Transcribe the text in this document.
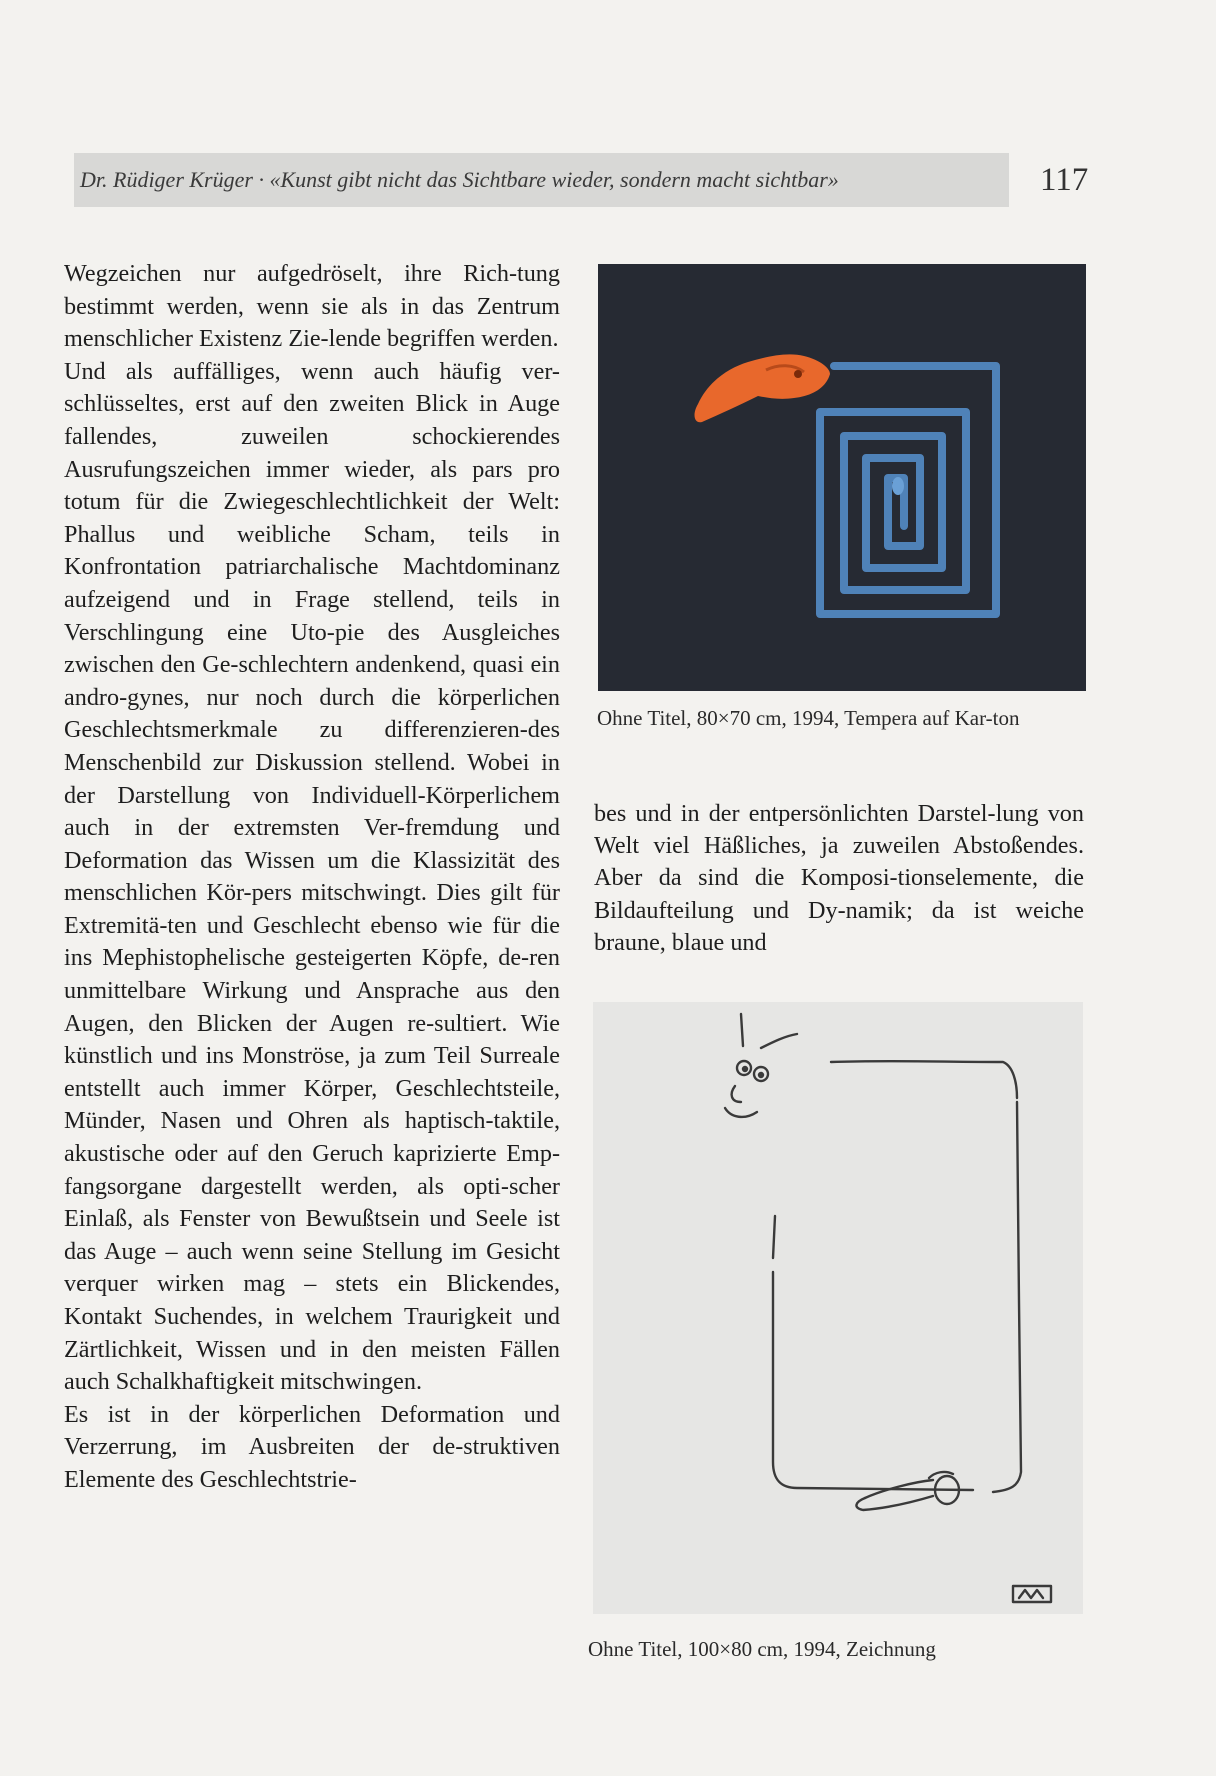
Dr. Rüdiger Krüger · «Kunst gibt nicht das Sichtbare wieder, sondern macht sichtbar»	117

Wegzeichen nur aufgedröselt, ihre Rich-tung bestimmt werden, wenn sie als in das Zentrum menschlicher Existenz Zie-lende begriffen werden.

Und als auffälliges, wenn auch häufig ver-schlüsseltes, erst auf den zweiten Blick in Auge fallendes, zuweilen schockierendes Ausrufungszeichen immer wieder, als pars pro totum für die Zwiegeschlechtlichkeit der Welt: Phallus und weibliche Scham, teils in Konfrontation patriarchalische Machtdominanz aufzeigend und in Frage stellend, teils in Verschlingung eine Uto-pie des Ausgleiches zwischen den Ge-schlechtern andenkend, quasi ein andro-gynes, nur noch durch die körperlichen Geschlechtsmerkmale zu differenzieren-des Menschenbild zur Diskussion stellend. Wobei in der Darstellung von Individuell-Körperlichem auch in der extremsten Ver-fremdung und Deformation das Wissen um die Klassizität des menschlichen Kör-pers mitschwingt. Dies gilt für Extremitä-ten und Geschlecht ebenso wie für die ins Mephistophelische gesteigerten Köpfe, de-ren unmittelbare Wirkung und Ansprache aus den Augen, den Blicken der Augen re-sultiert. Wie künstlich und ins Monströse, ja zum Teil Surreale entstellt auch immer Körper, Geschlechtsteile, Münder, Nasen und Ohren als haptisch-taktile, akustische oder auf den Geruch kaprizierte Emp-fangsorgane dargestellt werden, als opti-scher Einlaß, als Fenster von Bewußtsein und Seele ist das Auge – auch wenn seine Stellung im Gesicht verquer wirken mag – stets ein Blickendes, Kontakt Suchendes, in welchem Traurigkeit und Zärtlichkeit, Wissen und in den meisten Fällen auch Schalkhaftigkeit mitschwingen.

Es ist in der körperlichen Deformation und Verzerrung, im Ausbreiten der de-struktiven Elemente des Geschlechtstrie-

Ohne Titel, 80×70 cm, 1994, Tempera auf Kar-ton

bes und in der entpersönlichten Darstel-lung von Welt viel Häßliches, ja zuweilen Abstoßendes. Aber da sind die Komposi-tionselemente, die Bildaufteilung und Dy-namik; da ist weiche braune, blaue und

Ohne Titel, 100×80 cm, 1994, Zeichnung
